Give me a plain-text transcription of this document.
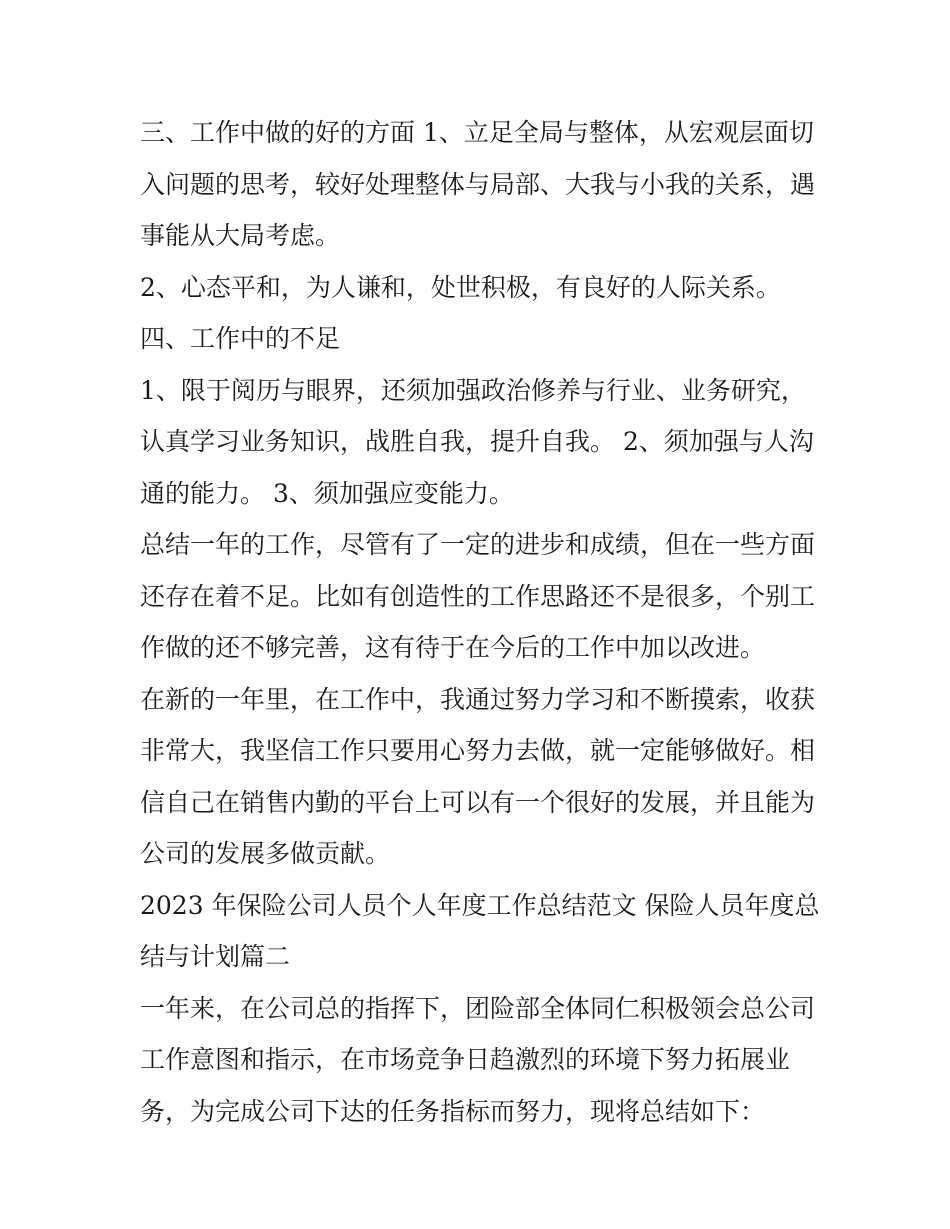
三、工作中做的好的方面 1、立足全局与整体，从宏观层面切入问题的思考，较好处理整体与局部、大我与小我的关系，遇事能从大局考虑。

2、心态平和，为人谦和，处世积极，有良好的人际关系。

四、工作中的不足

1、限于阅历与眼界，还须加强政治修养与行业、业务研究，认真学习业务知识，战胜自我，提升自我。 2、须加强与人沟通的能力。 3、须加强应变能力。

总结一年的工作，尽管有了一定的进步和成绩，但在一些方面还存在着不足。比如有创造性的工作思路还不是很多，个别工作做的还不够完善，这有待于在今后的工作中加以改进。

在新的一年里，在工作中，我通过努力学习和不断摸索，收获非常大，我坚信工作只要用心努力去做，就一定能够做好。相信自己在销售内勤的平台上可以有一个很好的发展，并且能为公司的发展多做贡献。

2023 年保险公司人员个人年度工作总结范文 保险人员年度总结与计划篇二

一年来，在公司总的指挥下，团险部全体同仁积极领会总公司工作意图和指示，在市场竞争日趋激烈的环境下努力拓展业务，为完成公司下达的任务指标而努力，现将总结如下：
